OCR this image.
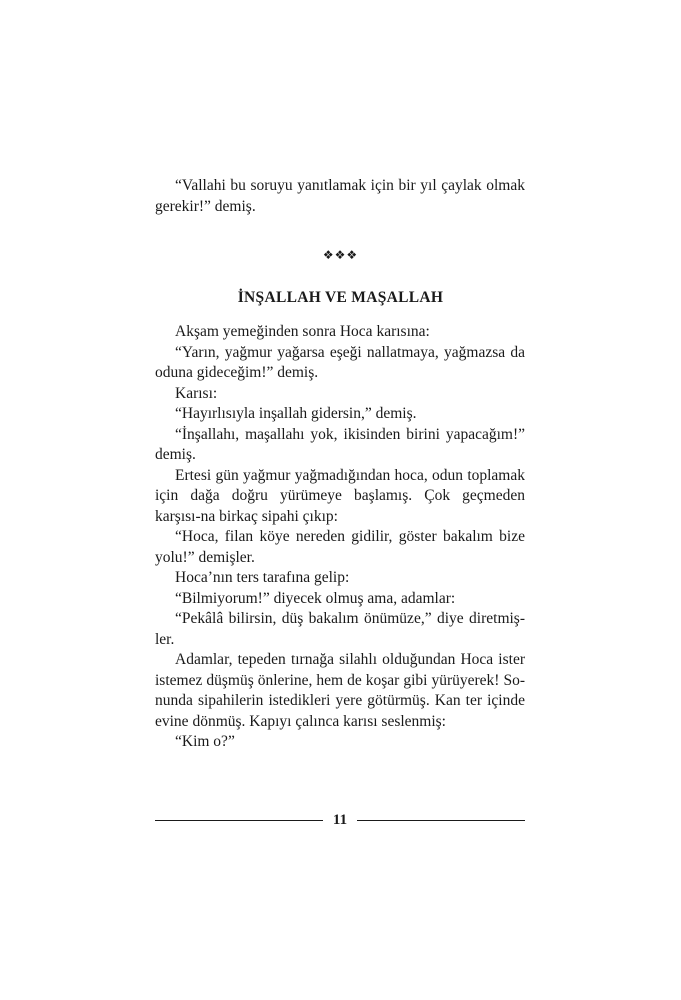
“Vallahi bu soruyu yanıtlamak için bir yıl çaylak olmak gerekir!” demiş.

❖❖❖
İNŞALLAH VE MAŞALLAH

Akşam yemeğinden sonra Hoca karısına:

“Yarın, yağmur yağarsa eşeği nallatmaya, yağmazsa da oduna gideceğim!” demiş.

Karısı:

“Hayırlısıyla inşallah gidersin,” demiş.

“İnşallahı, maşallahı yok, ikisinden birini yapacağım!” demiş.

Ertesi gün yağmur yağmadığından hoca, odun toplamak için dağa doğru yürümeye başlamış. Çok geçmeden karşısı-na birkaç sipahi çıkıp:

“Hoca, filan köye nereden gidilir, göster bakalım bize yolu!” demişler.

Hoca’nın ters tarafına gelip:

“Bilmiyorum!” diyecek olmuş ama, adamlar:

“Pekâlâ bilirsin, düş bakalım önümüze,” diye diretmiş-ler.

Adamlar, tepeden tırnağa silahlı olduğundan Hoca ister istemez düşmüş önlerine, hem de koşar gibi yürüyerek! So-nunda sipahilerin istedikleri yere götürmüş. Kan ter içinde evine dönmüş. Kapıyı çalınca karısı seslenmiş:

“Kim o?”

11
